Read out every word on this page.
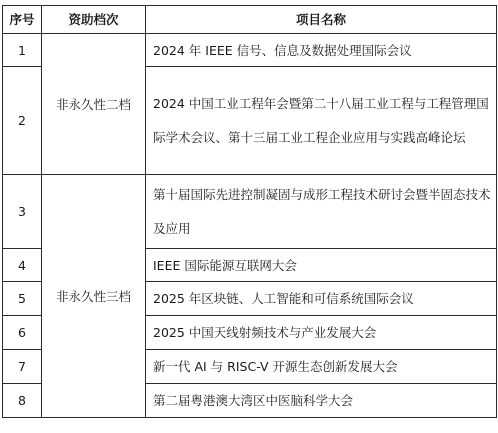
序号	资助档次	项目名称
1	非永久性二档	2024 年 IEEE 信号、信息及数据处理国际会议
2		2024 中国工业工程年会暨第二十八届工业工程与工程管理国际学术会议、第十三届工业工程企业应用与实践高峰论坛
3	非永久性三档	第十届国际先进控制凝固与成形工程技术研讨会暨半固态技术及应用
4		IEEE 国际能源互联网大会
5		2025 年区块链、人工智能和可信系统国际会议
6		2025 中国天线射频技术与产业发展大会
7		新一代 AI 与 RISC-V 开源生态创新发展大会
8		第二届粤港澳大湾区中医脑科学大会
